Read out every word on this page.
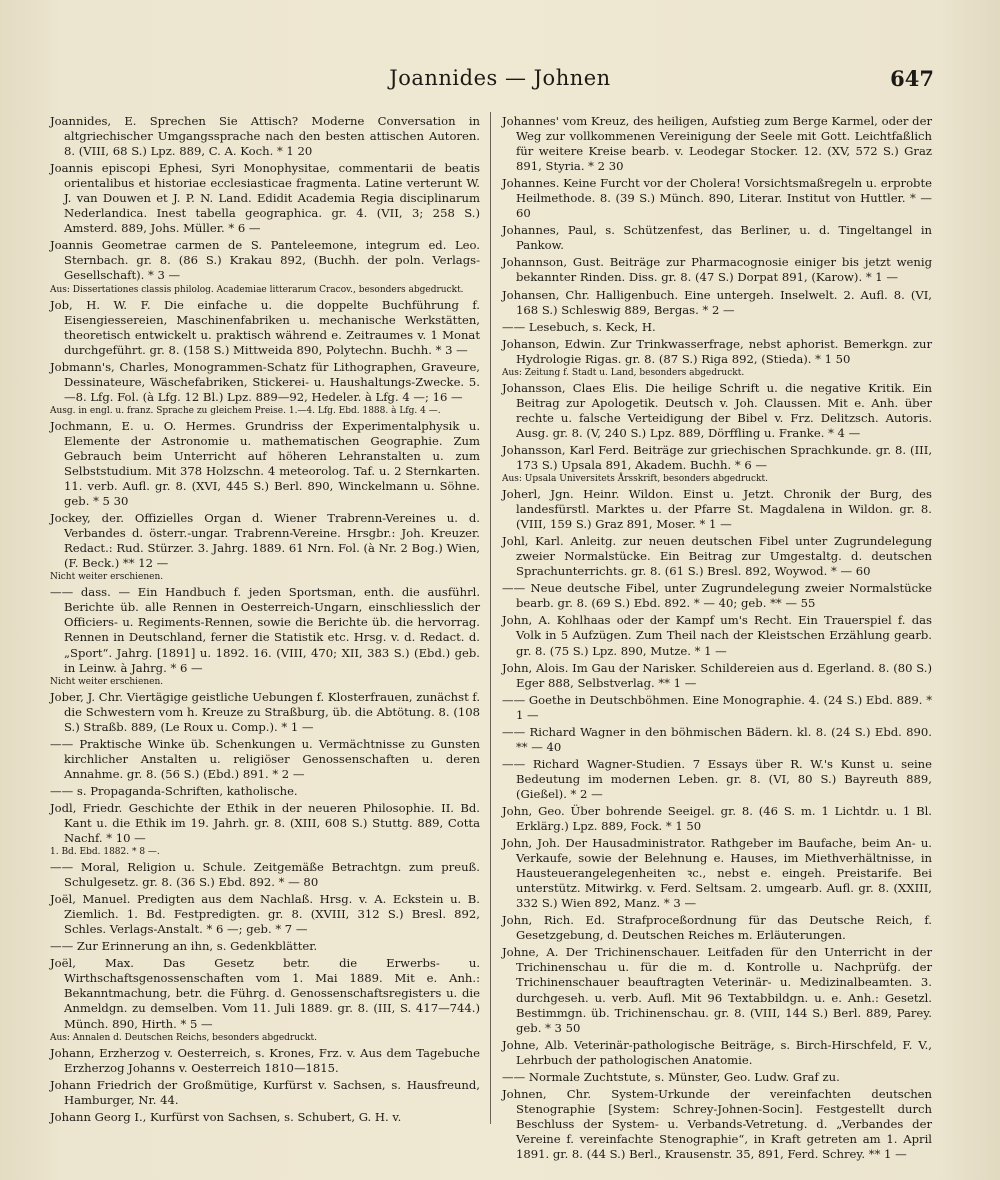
Joannides — Johnen	647

Joannides, E. Sprechen Sie Attisch? Moderne Conversation in altgriechischer Umgangssprache nach den besten attischen Autoren. 8. (VIII, 68 S.) Lpz. 889, C. A. Koch. * 1 20

Joannis episcopi Ephesi, Syri Monophysitae, commentarii de beatis orientalibus et historiae ecclesiasticae fragmenta. Latine verterunt W. J. van Douwen et J. P. N. Land. Edidit Academia Regia disciplinarum Nederlandica. Inest tabella geographica. gr. 4. (VII, 3; 258 S.) Amsterd. 889, Johs. Müller. * 6 —

Joannis Geometrae carmen de S. Panteleemone, integrum ed. Leo. Sternbach. gr. 8. (86 S.) Krakau 892, (Buchh. der poln. Verlags-Gesellschaft). * 3 —

Aus: Dissertationes classis philolog. Academiae litterarum Cracov., besonders abgedruckt.

Job, H. W. F. Die einfache u. die doppelte Buchführung f. Eisengiessereien, Maschinenfabriken u. mechanische Werkstätten, theoretisch entwickelt u. praktisch während e. Zeitraumes v. 1 Monat durchgeführt. gr. 8. (158 S.) Mittweida 890, Polytechn. Buchh. * 3 —

Jobmann's, Charles, Monogrammen-Schatz für Lithographen, Graveure, Dessinateure, Wäschefabriken, Stickerei- u. Haushaltungs-Zwecke. 5.—8. Lfg. Fol. (à Lfg. 12 Bl.) Lpz. 889—92, Hedeler. à Lfg. 4 —; 16 —

Ausg. in engl. u. franz. Sprache zu gleichem Preise. 1.—4. Lfg. Ebd. 1888. à Lfg. 4 —.

Jochmann, E. u. O. Hermes. Grundriss der Experimentalphysik u. Elemente der Astronomie u. mathematischen Geographie. Zum Gebrauch beim Unterricht auf höheren Lehranstalten u. zum Selbststudium. Mit 378 Holzschn. 4 meteorolog. Taf. u. 2 Sternkarten. 11. verb. Aufl. gr. 8. (XVI, 445 S.) Berl. 890, Winckelmann u. Söhne. geb. * 5 30

Jockey, der. Offizielles Organ d. Wiener Trabrenn-Vereines u. d. Verbandes d. österr.-ungar. Trabrenn-Vereine. Hrsgbr.: Joh. Kreuzer. Redact.: Rud. Stürzer. 3. Jahrg. 1889. 61 Nrn. Fol. (à Nr. 2 Bog.) Wien, (F. Beck.) ** 12 —

Nicht weiter erschienen.

—— dass. — Ein Handbuch f. jeden Sportsman, enth. die ausführl. Berichte üb. alle Rennen in Oesterreich-Ungarn, einschliesslich der Officiers- u. Regiments-Rennen, sowie die Berichte üb. die hervorrag. Rennen in Deutschland, ferner die Statistik etc. Hrsg. v. d. Redact. d. „Sport“. Jahrg. [1891] u. 1892. 16. (VIII, 470; XII, 383 S.) (Ebd.) geb. in Leinw. à Jahrg. * 6 —

Nicht weiter erschienen.

Jober, J. Chr. Viertägige geistliche Uebungen f. Klosterfrauen, zunächst f. die Schwestern vom h. Kreuze zu Straßburg, üb. die Abtötung. 8. (108 S.) Straßb. 889, (Le Roux u. Comp.). * 1 —

—— Praktische Winke üb. Schenkungen u. Vermächtnisse zu Gunsten kirchlicher Anstalten u. religiöser Genossenschaften u. deren Annahme. gr. 8. (56 S.) (Ebd.) 891. * 2 —

—— s. Propaganda-Schriften, katholische.

Jodl, Friedr. Geschichte der Ethik in der neueren Philosophie. II. Bd. Kant u. die Ethik im 19. Jahrh. gr. 8. (XIII, 608 S.) Stuttg. 889, Cotta Nachf. * 10 —

1. Bd. Ebd. 1882. * 8 —.

—— Moral, Religion u. Schule. Zeitgemäße Betrachtgn. zum preuß. Schulgesetz. gr. 8. (36 S.) Ebd. 892. * — 80

Joël, Manuel. Predigten aus dem Nachlaß. Hrsg. v. A. Eckstein u. B. Ziemlich. 1. Bd. Festpredigten. gr. 8. (XVIII, 312 S.) Bresl. 892, Schles. Verlags-Anstalt. * 6 —; geb. * 7 —

—— Zur Erinnerung an ihn, s. Gedenkblätter.

Joël, Max. Das Gesetz betr. die Erwerbs- u. Wirthschaftsgenossenschaften vom 1. Mai 1889. Mit e. Anh.: Bekanntmachung, betr. die Führg. d. Genossenschaftsregisters u. die Anmeldgn. zu demselben. Vom 11. Juli 1889. gr. 8. (III, S. 417—744.) Münch. 890, Hirth. * 5 —

Aus: Annalen d. Deutschen Reichs, besonders abgedruckt.

Johann, Erzherzog v. Oesterreich, s. Krones, Frz. v. Aus dem Tagebuche Erzherzog Johanns v. Oesterreich 1810—1815.

Johann Friedrich der Großmütige, Kurfürst v. Sachsen, s. Hausfreund, Hamburger, Nr. 44.

Johann Georg I., Kurfürst von Sachsen, s. Schubert, G. H. v.

Johannes' vom Kreuz, des heiligen, Aufstieg zum Berge Karmel, oder der Weg zur vollkommenen Vereinigung der Seele mit Gott. Leichtfaßlich für weitere Kreise bearb. v. Leodegar Stocker. 12. (XV, 572 S.) Graz 891, Styria. * 2 30

Johannes. Keine Furcht vor der Cholera! Vorsichtsmaßregeln u. erprobte Heilmethode. 8. (39 S.) Münch. 890, Literar. Institut von Huttler. * — 60

Johannes, Paul, s. Schützenfest, das Berliner, u. d. Tingeltangel in Pankow.

Johannson, Gust. Beiträge zur Pharmacognosie einiger bis jetzt wenig bekannter Rinden. Diss. gr. 8. (47 S.) Dorpat 891, (Karow). * 1 —

Johansen, Chr. Halligenbuch. Eine untergeh. Inselwelt. 2. Aufl. 8. (VI, 168 S.) Schleswig 889, Bergas. * 2 —

—— Lesebuch, s. Keck, H.

Johanson, Edwin. Zur Trinkwasserfrage, nebst aphorist. Bemerkgn. zur Hydrologie Rigas. gr. 8. (87 S.) Riga 892, (Stieda). * 1 50

Aus: Zeitung f. Stadt u. Land, besonders abgedruckt.

Johansson, Claes Elis. Die heilige Schrift u. die negative Kritik. Ein Beitrag zur Apologetik. Deutsch v. Joh. Claussen. Mit e. Anh. über rechte u. falsche Verteidigung der Bibel v. Frz. Delitzsch. Autoris. Ausg. gr. 8. (V, 240 S.) Lpz. 889, Dörffling u. Franke. * 4 —

Johansson, Karl Ferd. Beiträge zur griechischen Sprachkunde. gr. 8. (III, 173 S.) Upsala 891, Akadem. Buchh. * 6 —

Aus: Upsala Universitets Årsskrift, besonders abgedruckt.

Joherl, Jgn. Heinr. Wildon. Einst u. Jetzt. Chronik der Burg, des landesfürstl. Marktes u. der Pfarre St. Magdalena in Wildon. gr. 8. (VIII, 159 S.) Graz 891, Moser. * 1 —

Johl, Karl. Anleitg. zur neuen deutschen Fibel unter Zugrundelegung zweier Normalstücke. Ein Beitrag zur Umgestaltg. d. deutschen Sprachunterrichts. gr. 8. (61 S.) Bresl. 892, Woywod. * — 60

—— Neue deutsche Fibel, unter Zugrundelegung zweier Normalstücke bearb. gr. 8. (69 S.) Ebd. 892. * — 40; geb. ** — 55

John, A. Kohlhaas oder der Kampf um's Recht. Ein Trauerspiel f. das Volk in 5 Aufzügen. Zum Theil nach der Kleistschen Erzählung gearb. gr. 8. (75 S.) Lpz. 890, Mutze. * 1 —

John, Alois. Im Gau der Narisker. Schildereien aus d. Egerland. 8. (80 S.) Eger 888, Selbstverlag. ** 1 —

—— Goethe in Deutschböhmen. Eine Monographie. 4. (24 S.) Ebd. 889. * 1 —

—— Richard Wagner in den böhmischen Bädern. kl. 8. (24 S.) Ebd. 890. ** — 40

—— Richard Wagner-Studien. 7 Essays über R. W.'s Kunst u. seine Bedeutung im modernen Leben. gr. 8. (VI, 80 S.) Bayreuth 889, (Gießel). * 2 —

John, Geo. Über bohrende Seeigel. gr. 8. (46 S. m. 1 Lichtdr. u. 1 Bl. Erklärg.) Lpz. 889, Fock. * 1 50

John, Joh. Der Hausadministrator. Rathgeber im Baufache, beim An- u. Verkaufe, sowie der Belehnung e. Hauses, im Miethverhältnisse, in Hausteuerangelegenheiten ꝛc., nebst e. eingeh. Preistarife. Bei unterstütz. Mitwirkg. v. Ferd. Seltsam. 2. umgearb. Aufl. gr. 8. (XXIII, 332 S.) Wien 892, Manz. * 3 —

John, Rich. Ed. Strafproceßordnung für das Deutsche Reich, f. Gesetzgebung, d. Deutschen Reiches m. Erläuterungen.

Johne, A. Der Trichinenschauer. Leitfaden für den Unterricht in der Trichinenschau u. für die m. d. Kontrolle u. Nachprüfg. der Trichinenschauer beauftragten Veterinär- u. Medizinalbeamten. 3. durchgeseh. u. verb. Aufl. Mit 96 Textabbildgn. u. e. Anh.: Gesetzl. Bestimmgn. üb. Trichinenschau. gr. 8. (VIII, 144 S.) Berl. 889, Parey. geb. * 3 50

Johne, Alb. Veterinär-pathologische Beiträge, s. Birch-Hirschfeld, F. V., Lehrbuch der pathologischen Anatomie.

—— Normale Zuchtstute, s. Münster, Geo. Ludw. Graf zu.

Johnen, Chr. System-Urkunde der vereinfachten deutschen Stenographie [System: Schrey-Johnen-Socin]. Festgestellt durch Beschluss der System- u. Verbands-Vetretung. d. „Verbandes der Vereine f. vereinfachte Stenographie“, in Kraft getreten am 1. April 1891. gr. 8. (44 S.) Berl., Krausenstr. 35, 891, Ferd. Schrey. ** 1 —
